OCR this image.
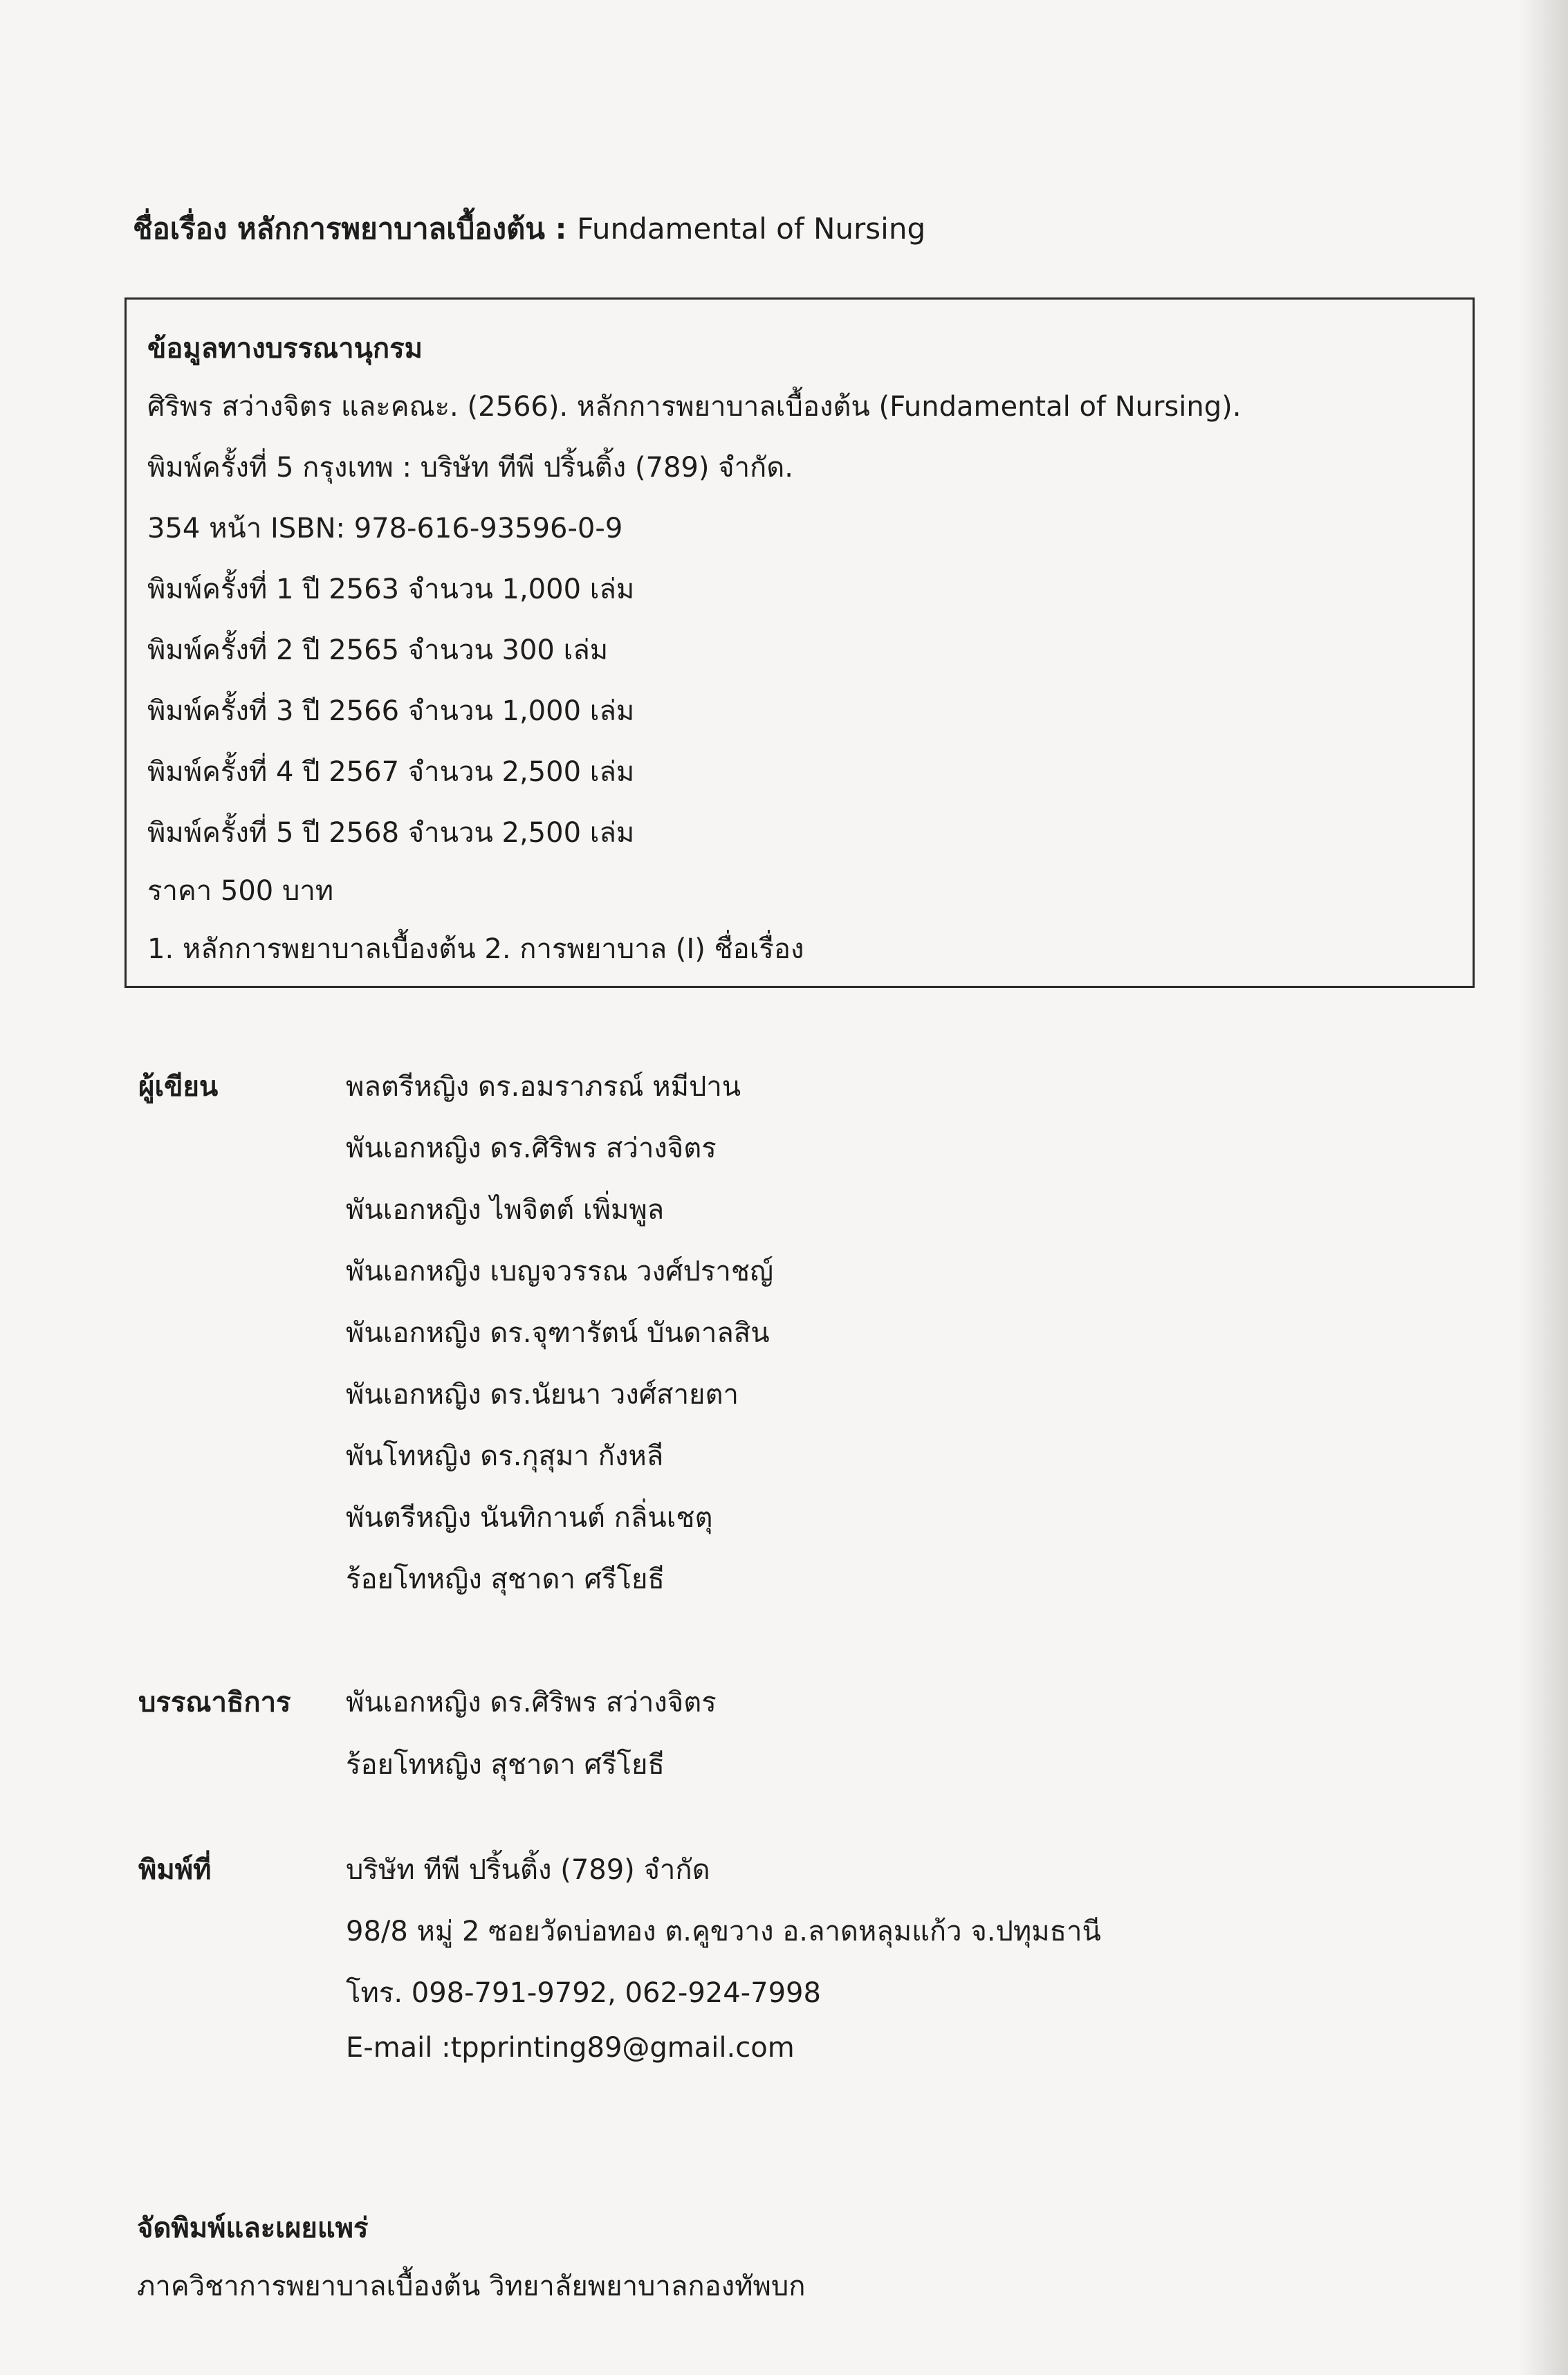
ชื่อเรื่อง หลักการพยาบาลเบื้องต้น : Fundamental of Nursing
ข้อมูลทางบรรณานุกรม
ศิริพร สว่างจิตร และคณะ. (2566). หลักการพยาบาลเบื้องต้น (Fundamental of Nursing).
พิมพ์ครั้งที่ 5 กรุงเทพ : บริษัท ทีพี ปริ้นติ้ง (789) จำกัด.
354 หน้า ISBN: 978-616-93596-0-9
พิมพ์ครั้งที่ 1 ปี 2563 จำนวน 1,000 เล่ม
พิมพ์ครั้งที่ 2 ปี 2565 จำนวน 300 เล่ม
พิมพ์ครั้งที่ 3 ปี 2566 จำนวน 1,000 เล่ม
พิมพ์ครั้งที่ 4 ปี 2567 จำนวน 2,500 เล่ม
พิมพ์ครั้งที่ 5 ปี 2568 จำนวน 2,500 เล่ม
ราคา 500 บาท
1. หลักการพยาบาลเบื้องต้น 2. การพยาบาล (I) ชื่อเรื่อง
ผู้เขียน	พลตรีหญิง ดร.อมราภรณ์ หมีปาน
พันเอกหญิง ดร.ศิริพร สว่างจิตร
พันเอกหญิง ไพจิตต์ เพิ่มพูล
พันเอกหญิง เบญจวรรณ วงศ์ปราชญ์
พันเอกหญิง ดร.จุฑารัตน์ บันดาลสิน
พันเอกหญิง ดร.นัยนา วงศ์สายตา
พันโทหญิง ดร.กุสุมา กังหลี
พันตรีหญิง นันทิกานต์ กลิ่นเชตุ
ร้อยโทหญิง สุชาดา ศรีโยธี
บรรณาธิการ พันเอกหญิง ดร.ศิริพร สว่างจิตร
ร้อยโทหญิง สุชาดา ศรีโยธี
พิมพ์ที่	บริษัท ทีพี ปริ้นติ้ง (789) จำกัด
98/8 หมู่ 2 ซอยวัดบ่อทอง ต.คูขวาง อ.ลาดหลุมแก้ว จ.ปทุมธานี
โทร. 098-791-9792, 062-924-7998
E-mail :tpprinting89@gmail.com
จัดพิมพ์และเผยแพร่
ภาควิชาการพยาบาลเบื้องต้น วิทยาลัยพยาบาลกองทัพบก
